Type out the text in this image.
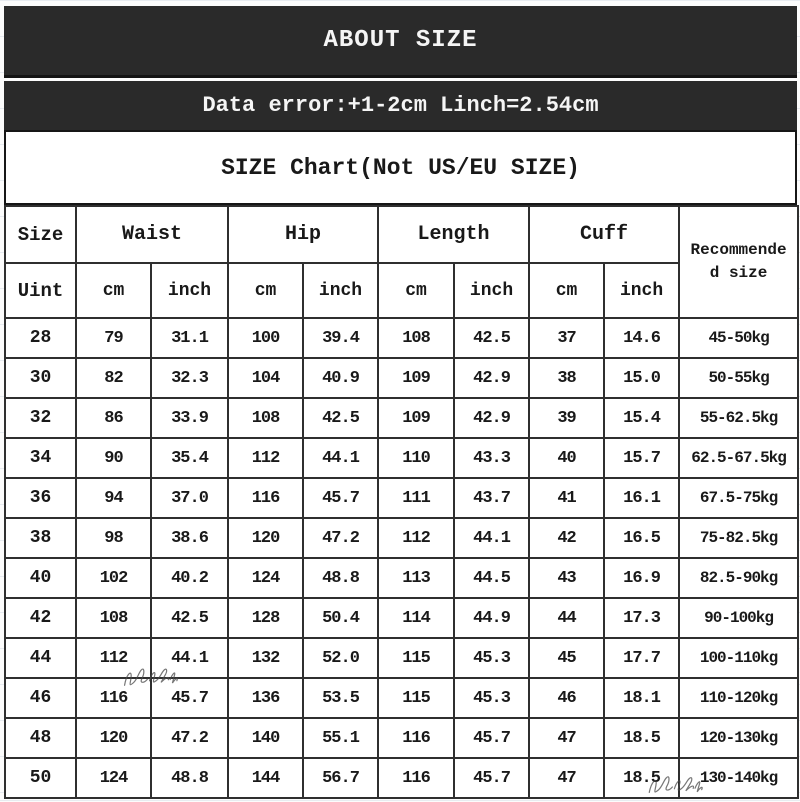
ABOUT SIZE
Data error:+1-2cm Linch=2.54cm
SIZE Chart(Not US/EU SIZE)
Size	Waist		Hip		Length		Cuff		Recommende
d size

Uint	cm	inch	cm	inch	cm	inch	cm	inch	
28	79	31.1	100	39.4	108	42.5	37	14.6	45-50kg
30	82	32.3	104	40.9	109	42.9	38	15.0	50-55kg
32	86	33.9	108	42.5	109	42.9	39	15.4	55-62.5kg
34	90	35.4	112	44.1	110	43.3	40	15.7	62.5-67.5kg
36	94	37.0	116	45.7	111	43.7	41	16.1	67.5-75kg
38	98	38.6	120	47.2	112	44.1	42	16.5	75-82.5kg
40	102	40.2	124	48.8	113	44.5	43	16.9	82.5-90kg
42	108	42.5	128	50.4	114	44.9	44	17.3	90-100kg
44	112	44.1	132	52.0	115	45.3	45	17.7	100-110kg
46	116	45.7	136	53.5	115	45.3	46	18.1	110-120kg
48	120	47.2	140	55.1	116	45.7	47	18.5	120-130kg
50	124	48.8	144	56.7	116	45.7	47	18.5	130-140kg
